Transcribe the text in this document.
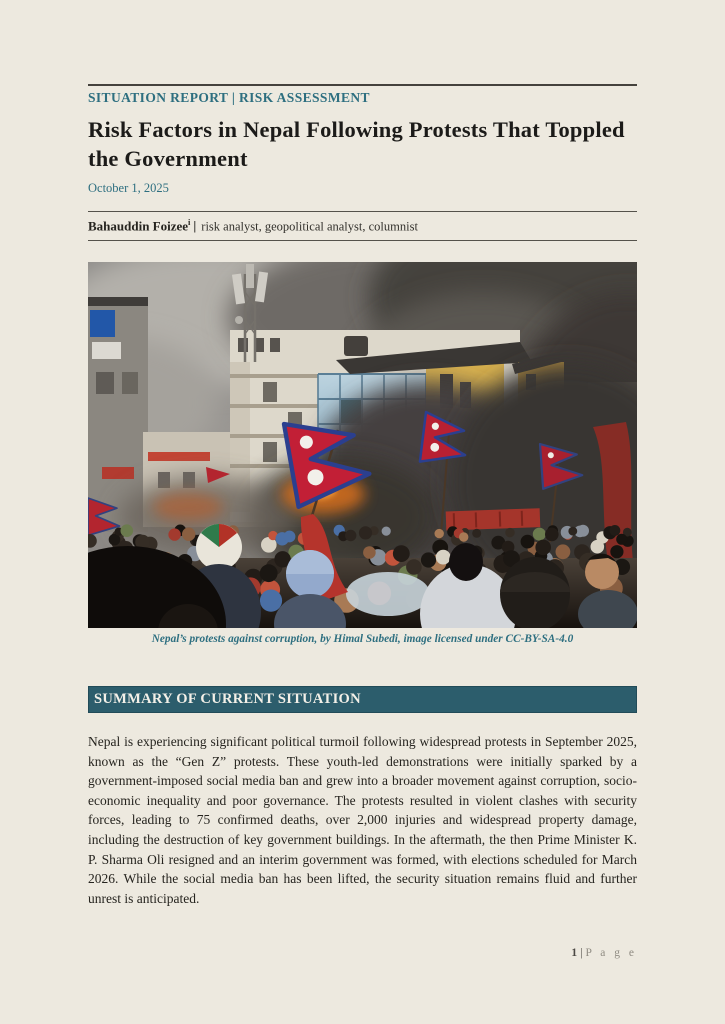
SITUATION REPORT | RISK ASSESSMENT
Risk Factors in Nepal Following Protests That Toppled the Government
October 1, 2025
Bahauddin Foizee$^i$ | risk analyst, geopolitical analyst, columnist
Nepal’s protests against corruption, by Himal Subedi, image licensed under CC-BY-SA-4.0
SUMMARY OF CURRENT SITUATION

Nepal is experiencing significant political turmoil following widespread protests in September 2025, known as the “Gen Z” protests. These youth-led demonstrations were initially sparked by a government-imposed social media ban and grew into a broader movement against corruption, socio-economic inequality and poor governance. The protests resulted in violent clashes with security forces, leading to 75 confirmed deaths, over 2,000 injuries and widespread property damage, including the destruction of key government buildings. In the aftermath, the then Prime Minister K. P. Sharma Oli resigned and an interim government was formed, with elections scheduled for March 2026. While the social media ban has been lifted, the security situation remains fluid and further unrest is anticipated.

1 | P a g e
